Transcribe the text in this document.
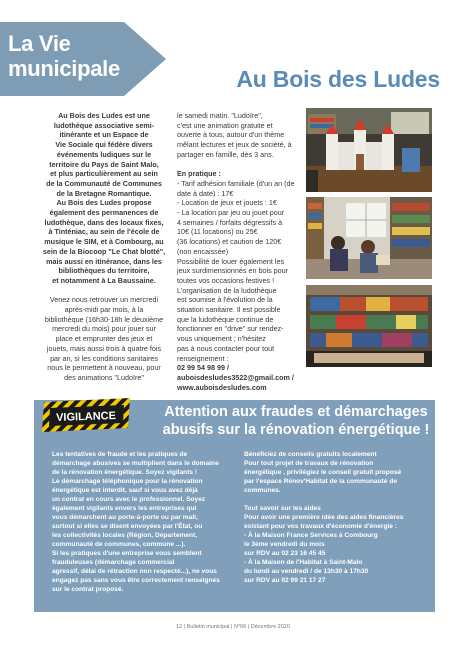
La Vie
municipale	Au Bois des Ludes

Au Bois des Ludes est une
ludothèque associative semi-
itinérante et un Espace de
Vie Sociale qui fédère divers
événements ludiques sur le
territoire du Pays de Saint Malo,
et plus particulièrement au sein
de la Communauté de Communes
de la Bretagne Romantique.
Au Bois des Ludes propose
également des permanences de
ludothèque, dans des locaux fixes,
à Tinténiac, au sein de l'école de
musique le SIM, et à Combourg, au
sein de la Biocoop "Le Chat blotté",
mais aussi en itinérance, dans les
bibliothèques du territoire,
et notamment à La Baussaine.

Venez nous retrouver un mercredi
après-midi par mois, à la
bibliothèque (16h30-18h le deuxième
mercredi du mois) pour jouer sur
place et emprunter des jeux et
jouets, mais aussi trois à quatre fois
par an, si les conditions sanitaires
nous le permettent à nouveau, pour
des animations "Ludoïre"

le samedi matin. "Ludoïre",
c'est une animation gratuite et
ouverte à tous, autour d'un thème
mêlant lectures et jeux de société, à
partager en famille, dès 3 ans.

En pratique :

- Tarif adhésion familiale (d'un an (de
date à date) : 17€
- Location de jeux et jouets : 1€
- La location par jeu ou jouet pour
4 semaines / forfaits dégressifs à
10€ (11 locations) ou 25€
(36 locations) et caution de 120€
(non encaissée)
Possibilité de louer également les
jeux surdimensionnés en bois pour
toutes vos occasions festives !
L'organisation de la ludothèque
est soumise à l'évolution de la
situation sanitaire. Il est possible
que la ludothèque continue de
fonctionner en "drive" sur rendez-
vous uniquement ; n'hésitez
pas à nous contacter pour tout
renseignement :

02 99 54 98 99 /
auboisdesludes3522@gmail.com /
www.auboisdesludes.com

VIGILANCE	Attention aux fraudes et démarchages
abusifs sur la rénovation énergétique !

Les tentatives de fraude et les pratiques de
démarchage abusives se multiplient dans le domaine
de la rénovation énergétique. Soyez vigilants !
Le démarchage téléphonique pour la rénovation
énergétique est interdit, sauf si vous avez déjà
un contrat en cours avec le professionnel. Soyez
également vigilants envers les entreprises qui
vous démarchent au porte-à-porte ou par mail,
surtout si elles se disent envoyées par l'État, ou
les collectivités locales (Région, Département,
communauté de communes, commune ...).
Si les pratiques d'une entreprise vous semblent
frauduleuses (démarchage commercial
agressif, délai de rétraction non respecté...), ne vous
engagez pas sans vous être correctement renseignés
sur le contrat proposé.

Bénéficiez de conseils gratuits localement
Pour tout projet de travaux de rénovation
énergétique , privilégiez le conseil gratuit proposé
par l'espace Rénov'Habitat de la communauté de
communes.

Tout savoir sur les aides
Pour avoir une première idée des aides financières
existant pour vos travaux d'économie d'énergie :
- À la Maison France Services à Combourg
le 3ème vendredi du mois
sur RDV au 02 23 16 45 45
- À la Maison de l'Habitat à Saint-Malo
du lundi au vendredi / de 13h30 à 17h30
sur RDV au 02 99 21 17 27

12 | Bulletin municipal | N°66 | Décembre 2020
